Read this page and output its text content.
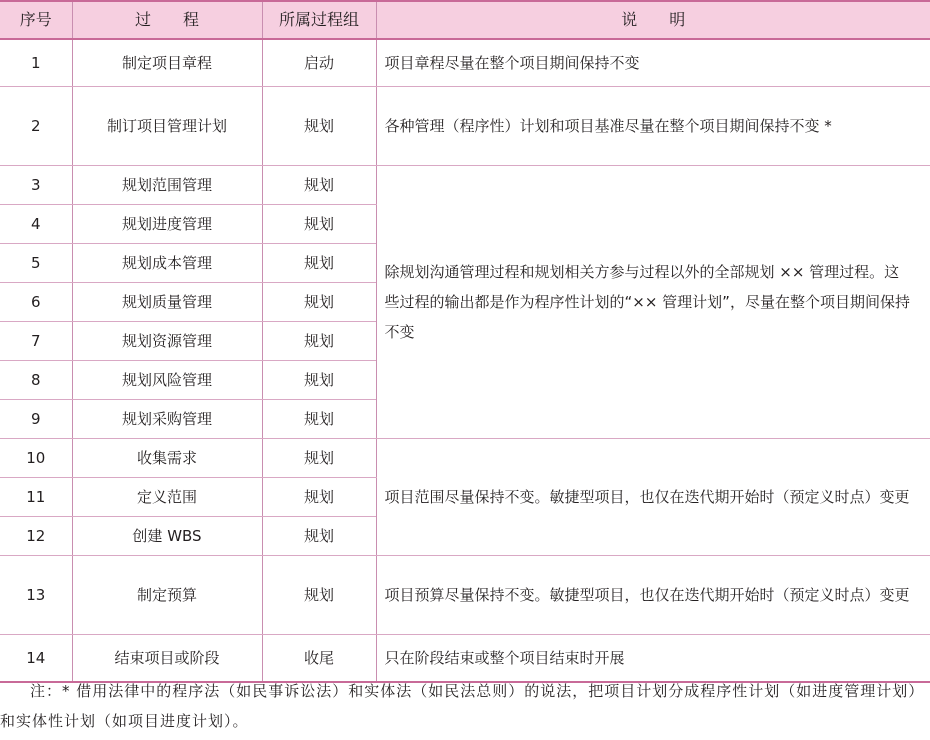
序号	过　　程	所属过程组	说　　明
1	制定项目章程	启动	项目章程尽量在整个项目期间保持不变
2	制订项目管理计划	规划	各种管理（程序性）计划和项目基准尽量在整个项目期间保持不变 *
3	规划范围管理	规划	除规划沟通管理过程和规划相关方参与过程以外的全部规划 ×× 管理过程。这些过程的输出都是作为程序性计划的“×× 管理计划”，尽量在整个项目期间保持不变
4	规划进度管理	规划	
5	规划成本管理	规划	
6	规划质量管理	规划	
7	规划资源管理	规划	
8	规划风险管理	规划	
9	规划采购管理	规划	
10	收集需求	规划	项目范围尽量保持不变。敏捷型项目，也仅在迭代期开始时（预定义时点）变更
11	定义范围	规划	
12	创建 WBS	规划	
13	制定预算	规划	项目预算尽量保持不变。敏捷型项目，也仅在迭代期开始时（预定义时点）变更
14	结束项目或阶段	收尾	只在阶段结束或整个项目结束时开展
注：* 借用法律中的程序法（如民事诉讼法）和实体法（如民法总则）的说法，把项目计划分成程序性计划（如进度管理计划）和实体性计划（如项目进度计划）。
